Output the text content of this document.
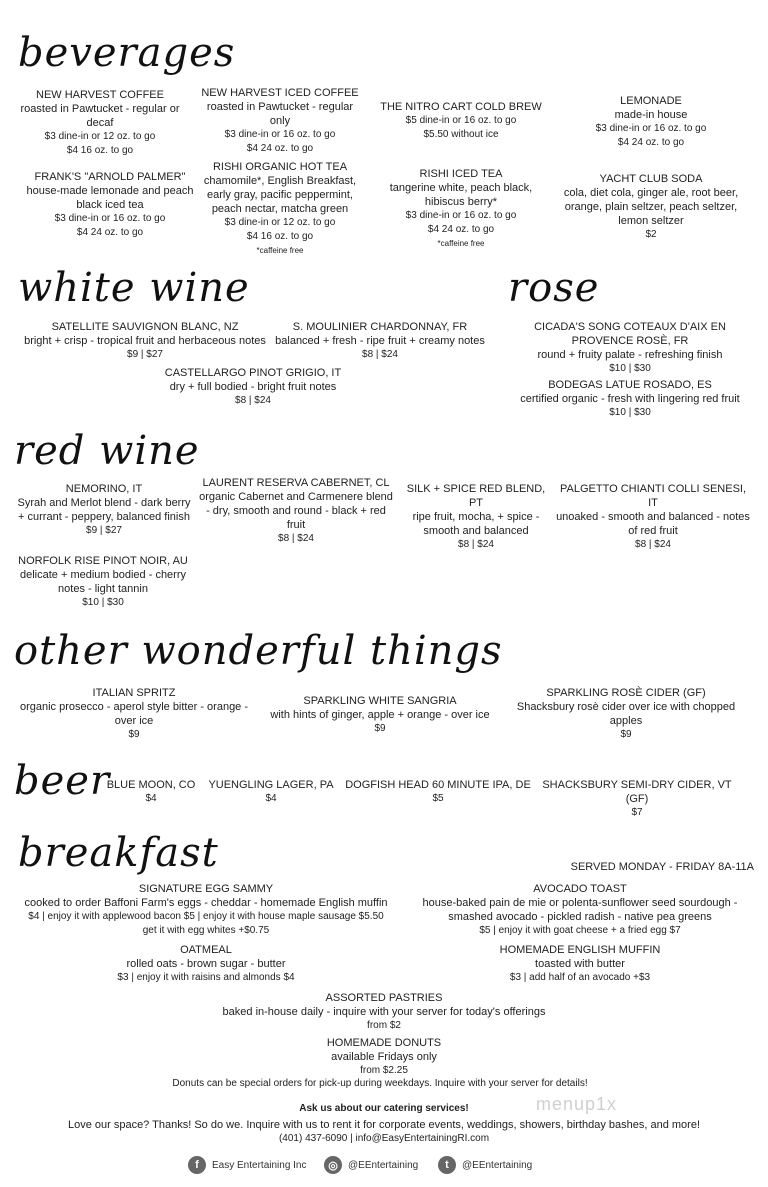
beverages
white wine	rose
red wine
other wonderful things
beer
breakfast
NEW HARVEST COFFEE
roasted in Pawtucket - regular or decaf
$3 dine-in or 12 oz. to go
$4 16 oz. to go
NEW HARVEST ICED COFFEE
roasted in Pawtucket - regular only
$3 dine-in or 16 oz. to go
$4 24 oz. to go
THE NITRO CART COLD BREW
$5 dine-in or 16 oz. to go
$5.50 without ice
LEMONADE
made-in house
$3 dine-in or 16 oz. to go
$4 24 oz. to go
FRANK'S "ARNOLD PALMER"
house-made lemonade and peach black iced tea
$3 dine-in or 16 oz. to go
$4 24 oz. to go
RISHI ORGANIC HOT TEA
chamomile*, English Breakfast, early gray, pacific peppermint, peach nectar, matcha green
$3 dine-in or 12 oz. to go
$4 16 oz. to go
*caffeine free
RISHI ICED TEA
tangerine white, peach black, hibiscus berry*
$3 dine-in or 16 oz. to go
$4 24 oz. to go
*caffeine free
YACHT CLUB SODA
cola, diet cola, ginger ale, root beer, orange, plain seltzer, peach seltzer, lemon seltzer
$2
SATELLITE SAUVIGNON BLANC, NZ
bright + crisp - tropical fruit and herbaceous notes
$9 | $27
S. MOULINIER CHARDONNAY, FR
balanced + fresh - ripe fruit + creamy notes
$8 | $24
CASTELLARGO PINOT GRIGIO, IT
dry + full bodied - bright fruit notes
$8 | $24
CICADA'S SONG COTEAUX D'AIX EN PROVENCE ROSÈ, FR
round + fruity palate - refreshing finish
$10 | $30
BODEGAS LATUE ROSADO, ES
certified organic - fresh with lingering red fruit
$10 | $30
NEMORINO, IT
Syrah and Merlot blend - dark berry + currant - peppery, balanced finish
$9 | $27
LAURENT RESERVA CABERNET, CL
organic Cabernet and Carmenere blend - dry, smooth and round - black + red fruit
$8 | $24
SILK + SPICE RED BLEND, PT
ripe fruit, mocha, + spice - smooth and balanced
$8 | $24
PALGETTO CHIANTI COLLI SENESI, IT
unoaked - smooth and balanced - notes of red fruit
$8 | $24
NORFOLK RISE PINOT NOIR, AU
delicate + medium bodied - cherry notes - light tannin
$10 | $30
ITALIAN SPRITZ
organic prosecco - aperol style bitter - orange - over ice
$9
SPARKLING WHITE SANGRIA
with hints of ginger, apple + orange - over ice
$9
SPARKLING ROSÈ CIDER (GF)
Shacksbury rosè cider over ice with chopped apples
$9
BLUE MOON, CO
$4
YUENGLING LAGER, PA
$4
DOGFISH HEAD 60 MINUTE IPA, DE
$5
SHACKSBURY SEMI-DRY CIDER, VT (GF)
$7
SERVED MONDAY - FRIDAY 8A-11A
SIGNATURE EGG SAMMY
cooked to order Baffoni Farm's eggs - cheddar - homemade English muffin
$4 | enjoy it with applewood bacon $5 | enjoy it with house maple sausage $5.50
get it with egg whites +$0.75
AVOCADO TOAST
house-baked pain de mie or polenta-sunflower seed sourdough - smashed avocado - pickled radish - native pea greens
$5 | enjoy it with goat cheese + a fried egg $7
OATMEAL
rolled oats - brown sugar - butter
$3 | enjoy it with raisins and almonds $4
HOMEMADE ENGLISH MUFFIN
toasted with butter
$3 | add half of an avocado +$3
ASSORTED PASTRIES
baked in-house daily - inquire with your server for today's offerings
from $2
HOMEMADE DONUTS
available Fridays only
from $2.25
Donuts can be special orders for pick-up during weekdays. Inquire with your server for details!
menup1x
Ask us about our catering services!
Love our space? Thanks! So do we. Inquire with us to rent it for corporate events, weddings, showers, birthday bashes, and more!
(401) 437-6090 | info@EasyEntertainingRI.com
f	Easy Entertaining Inc	◎	@EEntertaining	t	@EEntertaining
